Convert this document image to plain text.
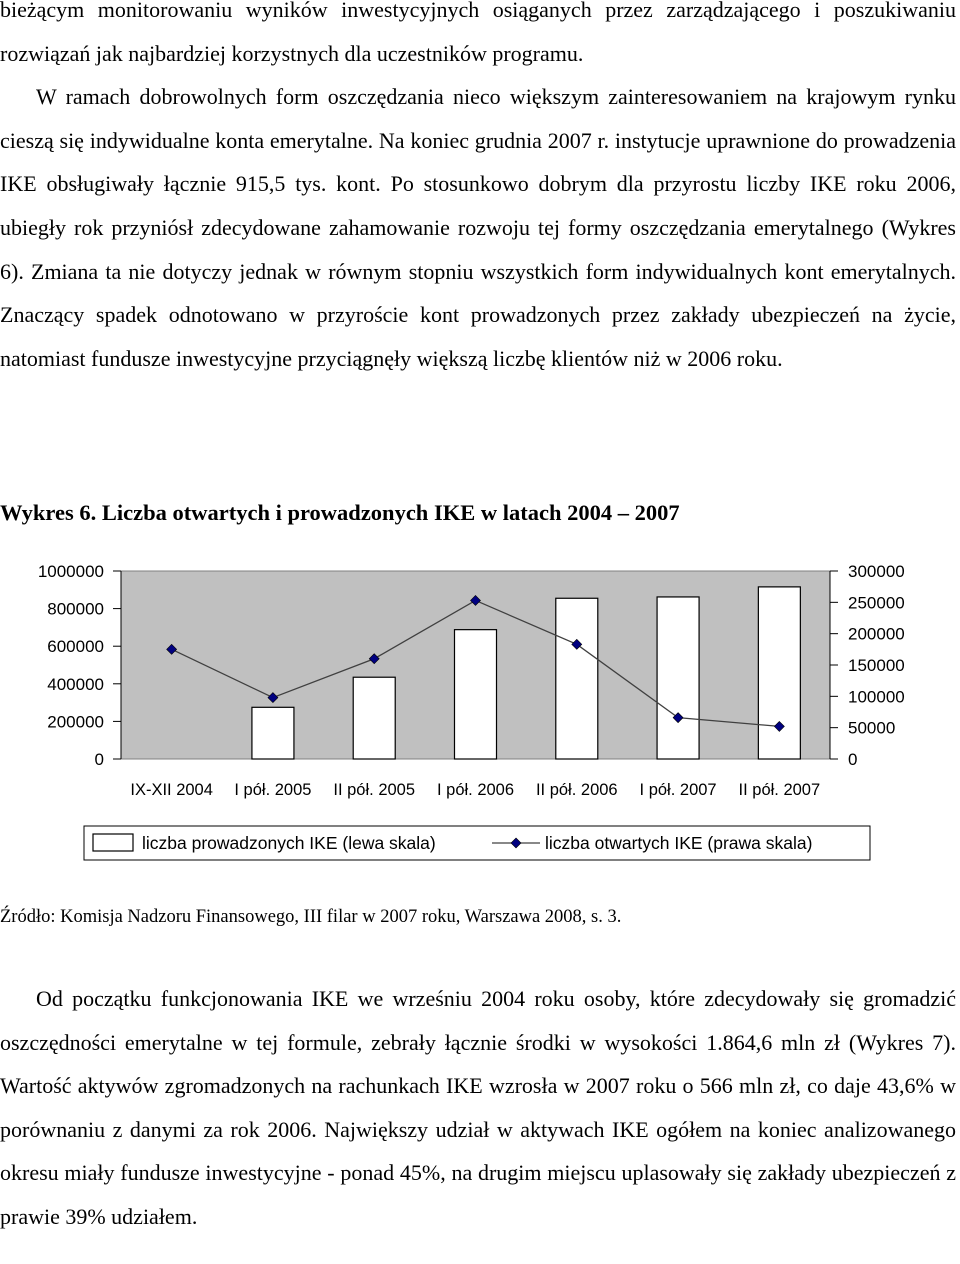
bieżącym monitorowaniu wyników inwestycyjnych osiąganych przez zarządzającego i poszukiwaniu rozwiązań jak najbardziej korzystnych dla uczestników programu.
W ramach dobrowolnych form oszczędzania nieco większym zainteresowaniem na krajowym rynku cieszą się indywidualne konta emerytalne. Na koniec grudnia 2007 r. instytucje uprawnione do prowadzenia IKE obsługiwały łącznie 915,5 tys. kont. Po stosunkowo dobrym dla przyrostu liczby IKE roku 2006, ubiegły rok przyniósł zdecydowane zahamowanie rozwoju tej formy oszczędzania emerytalnego (Wykres 6). Zmiana ta nie dotyczy jednak w równym stopniu wszystkich form indywidualnych kont emerytalnych. Znaczący spadek odnotowano w przyroście kont prowadzonych przez zakłady ubezpieczeń na życie, natomiast fundusze inwestycyjne przyciągnęły większą liczbę klientów niż w 2006 roku.

Wykres 6. Liczba otwartych i prowadzonych IKE w latach 2004 – 2007
0
200000
400000
600000
800000
1000000
0
50000
100000
150000
200000
250000
300000
IX-XII 2004 I pół. 2005 II pół. 2005 I pół. 2006 II pół. 2006 I pół. 2007 II pół. 2007
liczba prowadzonych IKE (lewa skala)	liczba otwartych IKE (prawa skala)

Źródło: Komisja Nadzoru Finansowego, III filar w 2007 roku, Warszawa 2008, s. 3.

Od początku funkcjonowania IKE we wrześniu 2004 roku osoby, które zdecydowały się gromadzić oszczędności emerytalne w tej formule, zebrały łącznie środki w wysokości 1.864,6 mln zł (Wykres 7). Wartość aktywów zgromadzonych na rachunkach IKE wzrosła w 2007 roku o 566 mln zł, co daje 43,6% w porównaniu z danymi za rok 2006. Największy udział w aktywach IKE ogółem na koniec analizowanego okresu miały fundusze inwestycyjne - ponad 45%, na drugim miejscu uplasowały się zakłady ubezpieczeń z prawie 39% udziałem.
